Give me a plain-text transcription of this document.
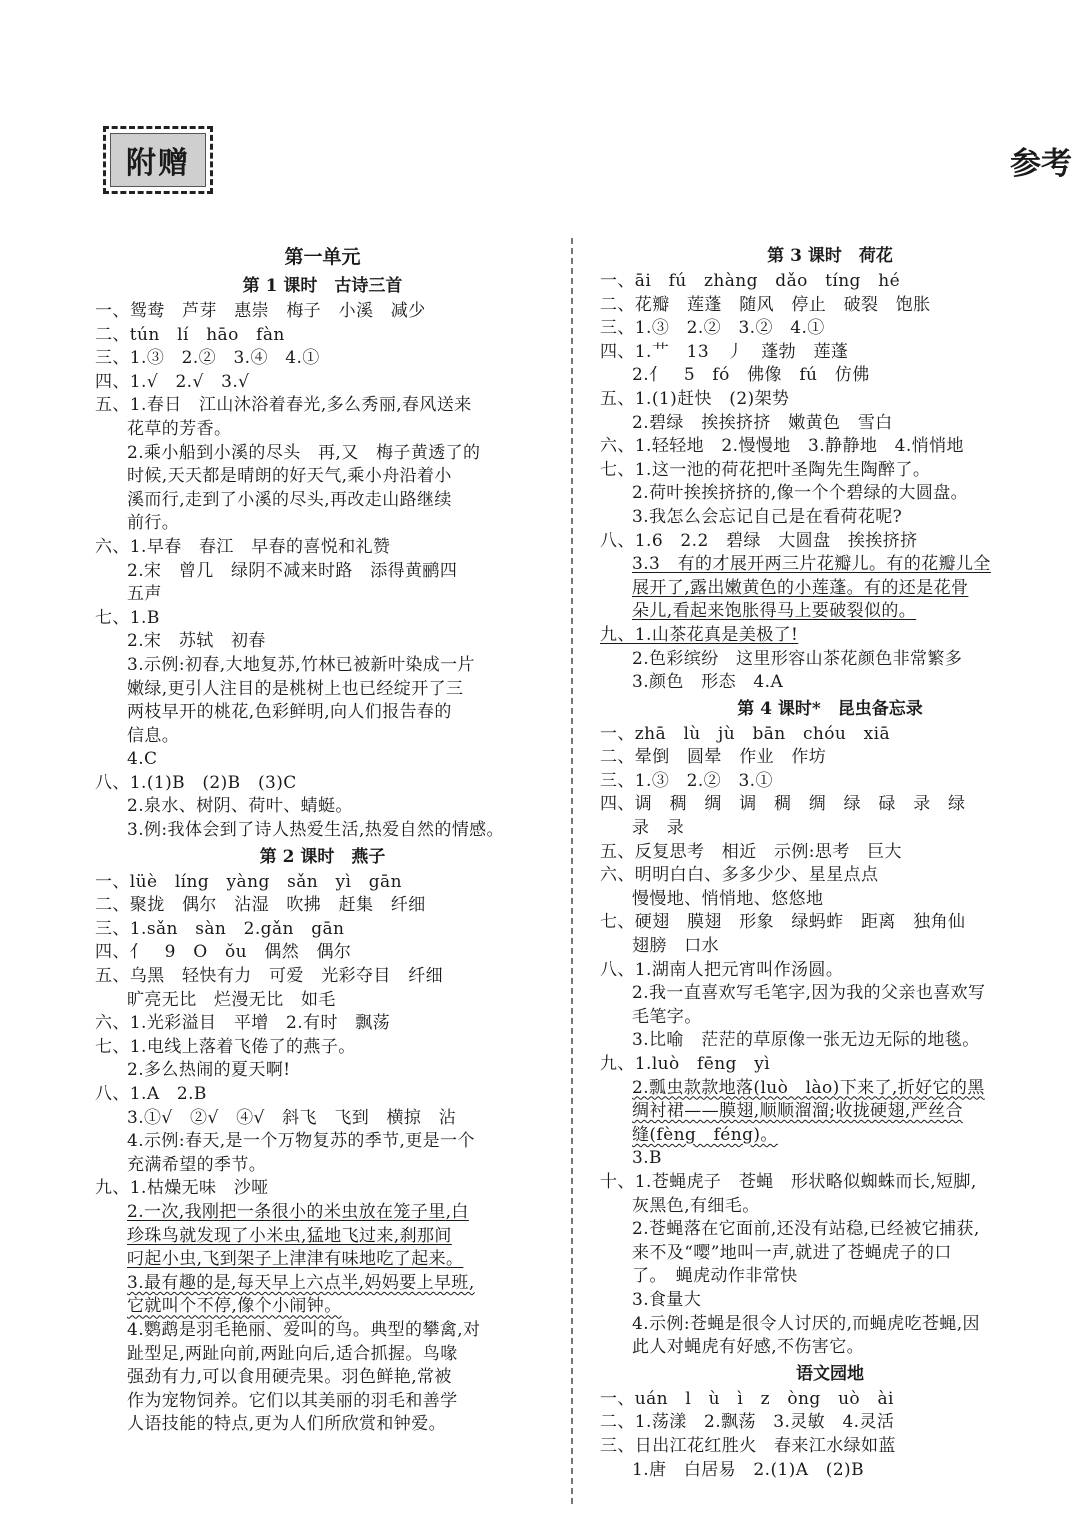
附赠	参考
第一单元
第 1 课时　古诗三首
一、鸳鸯　芦芽　惠崇　梅子　小溪　减少
二、tún　lí　hāo　fàn
三、1.③　2.②　3.④　4.①
四、1.√　2.√　3.√
五、1.春日　江山沐浴着春光,多么秀丽,春风送来
花草的芳香。
2.乘小船到小溪的尽头　再,又　梅子黄透了的
时候,天天都是晴朗的好天气,乘小舟沿着小
溪而行,走到了小溪的尽头,再改走山路继续
前行。
六、1.早春　春江　早春的喜悦和礼赞
2.宋　曾几　绿阴不减来时路　添得黄鹂四
五声
七、1.B
2.宋　苏轼　初春
3.示例:初春,大地复苏,竹林已被新叶染成一片
嫩绿,更引人注目的是桃树上也已经绽开了三
两枝早开的桃花,色彩鲜明,向人们报告春的
信息。
4.C
八、1.(1)B　(2)B　(3)C
2.泉水、树阴、荷叶、蜻蜓。
3.例:我体会到了诗人热爱生活,热爱自然的情感。
第 2 课时　燕子
一、lüè　líng　yàng　sǎn　yì　gān
二、聚拢　偶尔　沾湿　吹拂　赶集　纤细
三、1.sǎn　sàn　2.gǎn　gān
四、亻　9　O　ǒu　偶然　偶尔
五、乌黑　轻快有力　可爱　光彩夺目　纤细
旷亮无比　烂漫无比　如毛
六、1.光彩溢目　平增　2.有时　飘荡
七、1.电线上落着飞倦了的燕子。
2.多么热闹的夏天啊!
八、1.A　2.B
3.①√　②√　④√　斜飞　飞到　横掠　沾
4.示例:春天,是一个万物复苏的季节,更是一个
充满希望的季节。
九、1.枯燥无味　沙哑
2.一次,我刚把一条很小的米虫放在笼子里,白
珍珠鸟就发现了小米虫,猛地飞过来,刹那间
叼起小虫,飞到架子上津津有味地吃了起来。
3.最有趣的是,每天早上六点半,妈妈要上早班,
它就叫个不停,像个小闹钟。
4.鹦鹉是羽毛艳丽、爱叫的鸟。典型的攀禽,对
趾型足,两趾向前,两趾向后,适合抓握。鸟喙
强劲有力,可以食用硬壳果。羽色鲜艳,常被
作为宠物饲养。它们以其美丽的羽毛和善学
人语技能的特点,更为人们所欣赏和钟爱。
第 3 课时　荷花
一、āi　fú　zhàng　dǎo　tíng　hé
二、花瓣　莲蓬　随风　停止　破裂　饱胀
三、1.③　2.②　3.②　4.①
四、1.艹　13　丿　蓬勃　莲蓬
2.亻　5　fó　佛像　fú　仿佛
五、1.(1)赶快　(2)架势
2.碧绿　挨挨挤挤　嫩黄色　雪白
六、1.轻轻地　2.慢慢地　3.静静地　4.悄悄地
七、1.这一池的荷花把叶圣陶先生陶醉了。
2.荷叶挨挨挤挤的,像一个个碧绿的大圆盘。
3.我怎么会忘记自己是在看荷花呢?
八、1.6　2.2　碧绿　大圆盘　挨挨挤挤
3.3　有的才展开两三片花瓣儿。有的花瓣儿全
展开了,露出嫩黄色的小莲蓬。有的还是花骨
朵儿,看起来饱胀得马上要破裂似的。
九、1.山茶花真是美极了!
2.色彩缤纷　这里形容山茶花颜色非常繁多
3.颜色　形态　4.A
第 4 课时*　昆虫备忘录
一、zhā　lù　jù　bān　chóu　xiā
二、晕倒　圆晕　作业　作坊
三、1.③　2.②　3.①
四、调　稠　绸　调　稠　绸　绿　碌　录　绿
录　录
五、反复思考　相近　示例:思考　巨大
六、明明白白、多多少少、星星点点
慢慢地、悄悄地、悠悠地
七、硬翅　膜翅　形象　绿蚂蚱　距离　独角仙
翅膀　口水
八、1.湖南人把元宵叫作汤圆。
2.我一直喜欢写毛笔字,因为我的父亲也喜欢写
毛笔字。
3.比喻　茫茫的草原像一张无边无际的地毯。
九、1.luò　fēng　yì
2.瓢虫款款地落(luò　lào)下来了,折好它的黑
绸衬裙——膜翅,顺顺溜溜;收拢硬翅,严丝合
缝(fèng　féng)。
3.B
十、1.苍蝇虎子　苍蝇　形状略似蜘蛛而长,短脚,
灰黑色,有细毛。
2.苍蝇落在它面前,还没有站稳,已经被它捕获,
来不及“嘤”地叫一声,就进了苍蝇虎子的口
了。　蝇虎动作非常快
3.食量大
4.示例:苍蝇是很令人讨厌的,而蝇虎吃苍蝇,因
此人对蝇虎有好感,不伤害它。
语文园地
一、uán　l　ù　ì　z　òng　uò　ài
二、1.荡漾　2.飘荡　3.灵敏　4.灵活
三、日出江花红胜火　春来江水绿如蓝
1.唐　白居易　2.(1)A　(2)B
